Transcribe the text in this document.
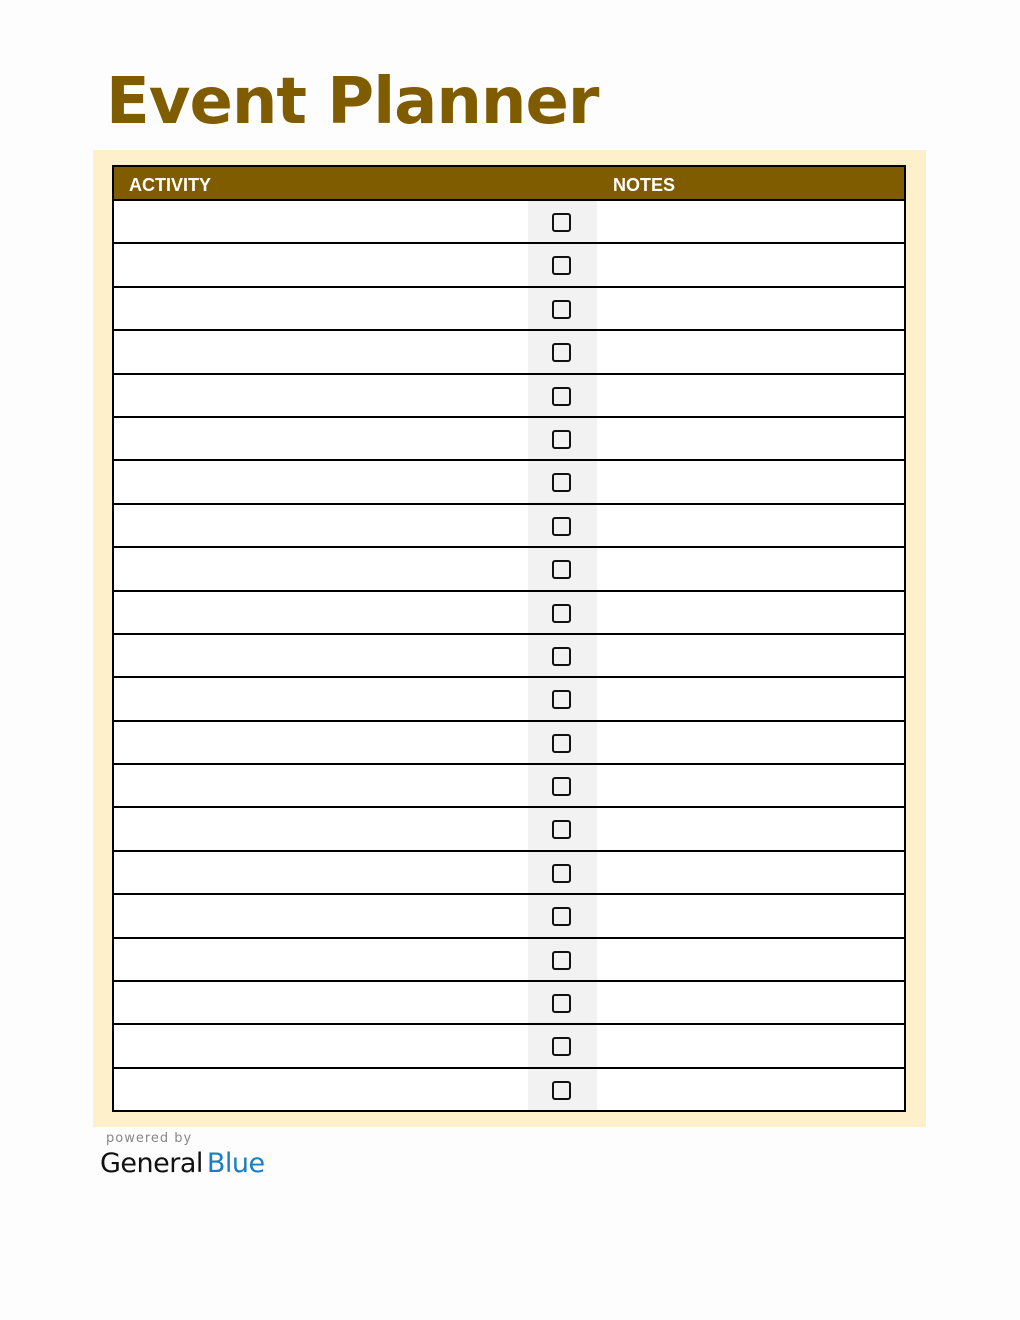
Event Planner
ACTIVITY	NOTES
powered by
General Blue
